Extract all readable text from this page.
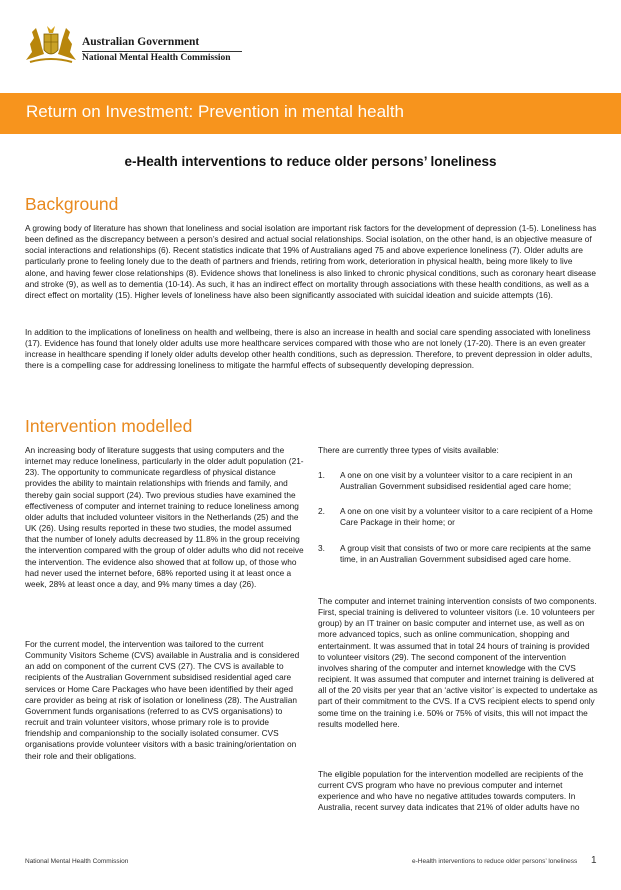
Australian Government
National Mental Health Commission
Return on Investment: Prevention in mental health
e-Health interventions to reduce older persons’ loneliness
Background

A growing body of literature has shown that loneliness and social isolation are important risk factors for the development of depression (1-5). Loneliness has been defined as the discrepancy between a person’s desired and actual social relationships. Social isolation, on the other hand, is an objective measure of social interactions and relationships (6). Recent statistics indicate that 19% of Australians aged 75 and above experience loneliness (7). Older adults are particularly prone to feeling lonely due to the death of partners and friends, retiring from work, deterioration in physical health, being more likely to live alone, and having fewer close relationships (8). Evidence shows that loneliness is also linked to chronic physical conditions, such as coronary heart disease and stroke (9), as well as to dementia (10-14). As such, it has an indirect effect on mortality through associations with these health conditions, as well as a direct effect on mortality (15). Higher levels of loneliness have also been significantly associated with suicidal ideation and suicide attempts (16).

In addition to the implications of loneliness on health and wellbeing, there is also an increase in health and social care spending associated with loneliness (17). Evidence has found that lonely older adults use more healthcare services compared with those who are not lonely (17-20). There is an even greater increase in healthcare spending if lonely older adults develop other health conditions, such as depression. Therefore, to prevent depression in older adults, there is a compelling case for addressing loneliness to mitigate the harmful effects of subsequently developing depression.

Intervention modelled

An increasing body of literature suggests that using computers and the internet may reduce loneliness, particularly in the older adult population (21-23). The opportunity to communicate regardless of physical distance provides the ability to maintain relationships with friends and family, and thereby gain social support (24). Two previous studies have examined the effectiveness of computer and internet training to reduce loneliness among older adults that included volunteer visitors in the Netherlands (25) and the UK (26). Using results reported in these two studies, the model assumed that the number of lonely adults decreased by 11.8% in the group receiving the intervention compared with the group of older adults who did not receive the intervention. The evidence also showed that at follow up, of those who had never used the internet before, 68% reported using it at least once a week, 28% at least once a day, and 9% many times a day (26).

For the current model, the intervention was tailored to the current Community Visitors Scheme (CVS) available in Australia and is considered an add on component of the current CVS (27). The CVS is available to recipients of the Australian Government subsidised residential aged care services or Home Care Packages who have been identified by their aged care provider as being at risk of isolation or loneliness (28). The Australian Government funds organisations (referred to as CVS organisations) to recruit and train volunteer visitors, whose primary role is to provide friendship and companionship to the socially isolated consumer. CVS organisations provide volunteer visitors with a basic training/orientation on their role and their obligations.

There are currently three types of visits available:

1. A one on one visit by a volunteer visitor to a care recipient in an Australian Government subsidised residential aged care home;
2. A one on one visit by a volunteer visitor to a care recipient of a Home Care Package in their home; or
3. A group visit that consists of two or more care recipients at the same time, in an Australian Government subsidised aged care home.

The computer and internet training intervention consists of two components. First, special training is delivered to volunteer visitors (i.e. 10 volunteers per group) by an IT trainer on basic computer and internet use, as well as on more advanced topics, such as online communication, shopping and entertainment. It was assumed that in total 24 hours of training is provided to volunteer visitors (29). The second component of the intervention involves sharing of the computer and internet knowledge with the CVS recipient. It was assumed that computer and internet training is delivered at all of the 20 visits per year that an ‘active visitor’ is expected to undertake as part of their commitment to the CVS. If a CVS recipient elects to spend only some time on the training i.e. 50% or 75% of visits, this will not impact the results modelled here.

The eligible population for the intervention modelled are recipients of the current CVS program who have no previous computer and internet experience and who have no negative attitudes towards computers. In Australia, recent survey data indicates that 21% of older adults have no

National Mental Health Commission	e-Health interventions to reduce older persons’ loneliness 1
